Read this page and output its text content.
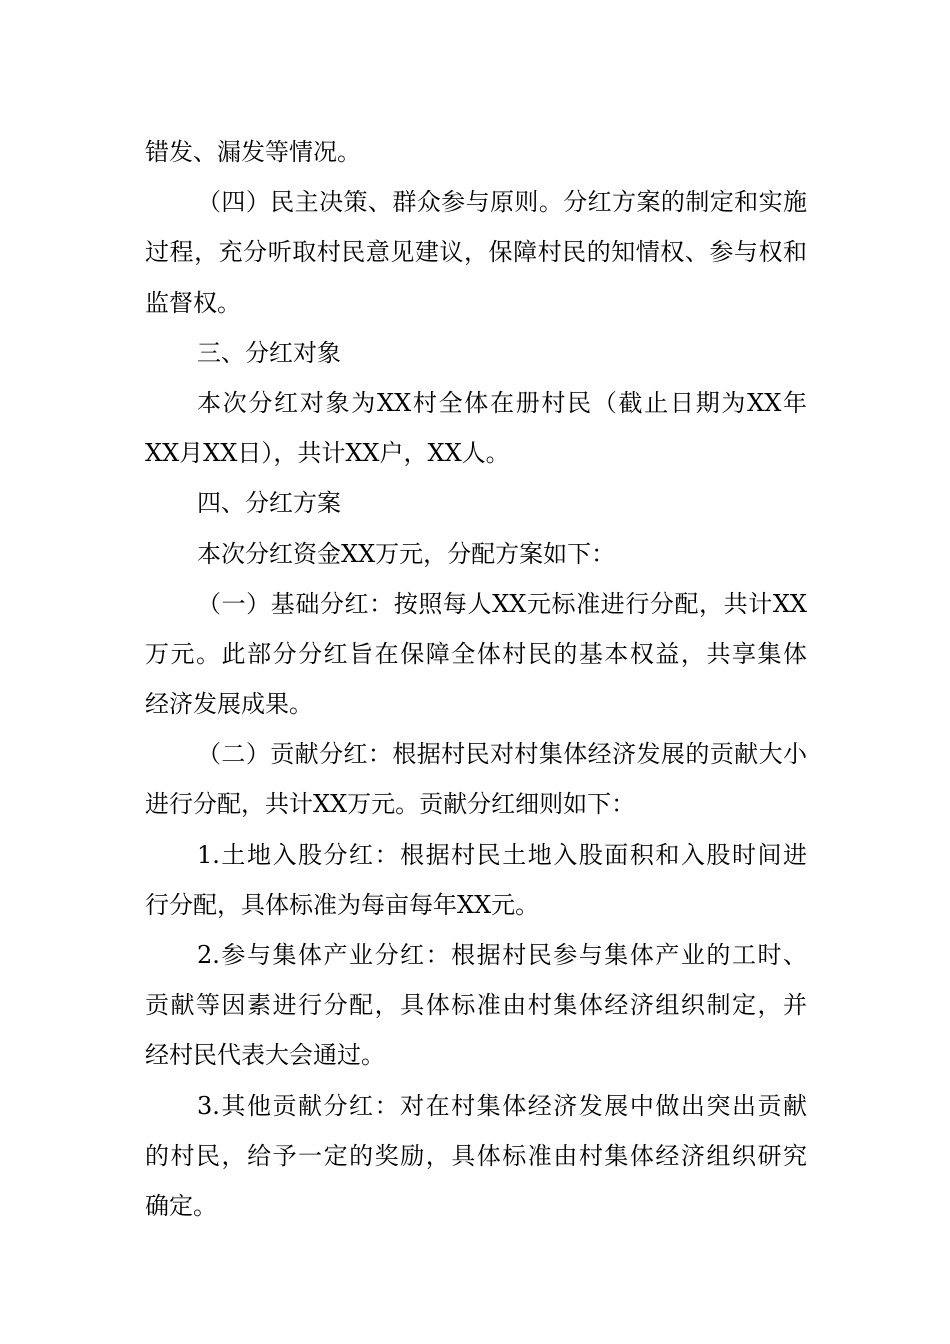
错发、漏发等情况。
（四）民主决策、群众参与原则。分红方案的制定和实施
过程，充分听取村民意见建议，保障村民的知情权、参与权和
监督权。
三、分红对象
本次分红对象为XX村全体在册村民（截止日期为XX年
XX月XX日），共计XX户，XX人。
四、分红方案
本次分红资金XX万元，分配方案如下：
（一）基础分红：按照每人XX元标准进行分配，共计XX
万元。此部分分红旨在保障全体村民的基本权益，共享集体
经济发展成果。
（二）贡献分红：根据村民对村集体经济发展的贡献大小
进行分配，共计XX万元。贡献分红细则如下：
1.土地入股分红：根据村民土地入股面积和入股时间进
行分配，具体标准为每亩每年XX元。
2.参与集体产业分红：根据村民参与集体产业的工时、
贡献等因素进行分配，具体标准由村集体经济组织制定，并
经村民代表大会通过。
3.其他贡献分红：对在村集体经济发展中做出突出贡献
的村民，给予一定的奖励，具体标准由村集体经济组织研究
确定。
